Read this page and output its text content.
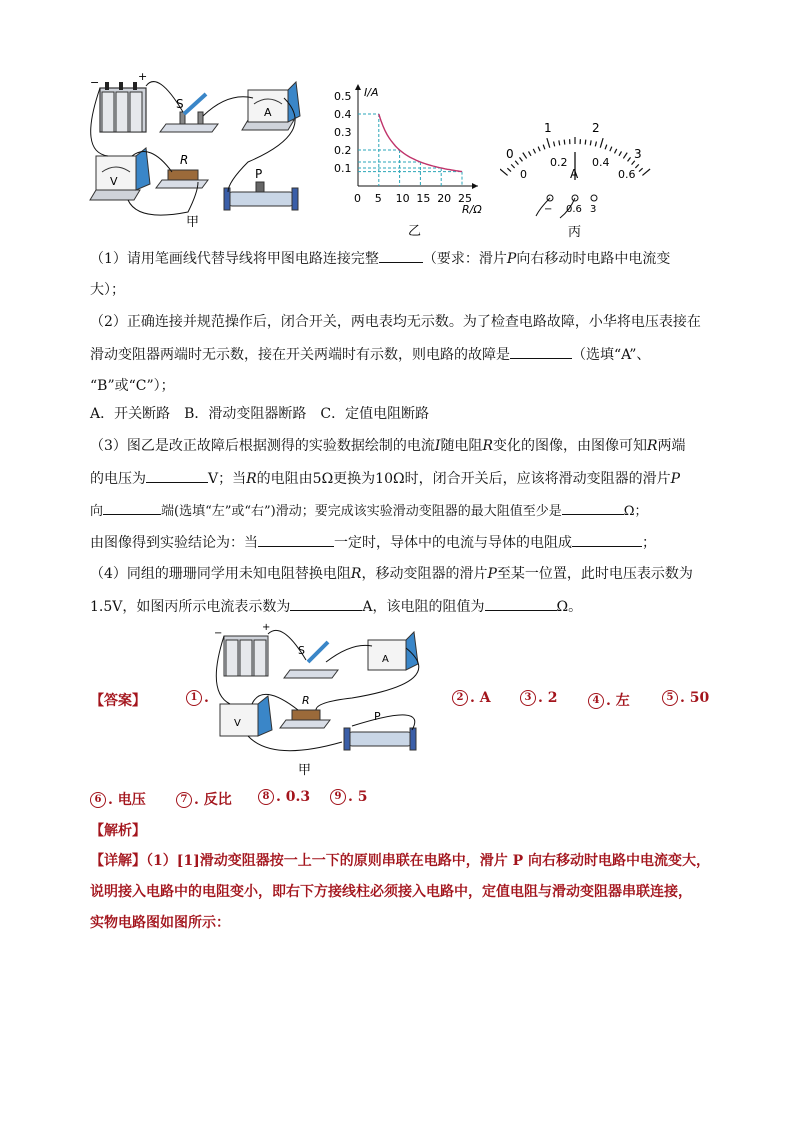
−	+
S
A
V
R
P
甲
I/A
R/Ω
0.5
0.4
0.3
0.2
0.1
0 5 10 15 20 25
乙
0
1	2
3
0
0.2 0.4
0.6
A
− 0.6 3
丙
（1）请用笔画线代替导线将甲图电路连接完整	（要求：滑片P向右移动时电路中电流变
大）；
（2）正确连接并规范操作后，闭合开关，两电表均无示数。为了检查电路故障，小华将电压表接在
滑动变阻器两端时无示数，接在开关两端时有示数，则电路的故障是	（选填“A”、
“B”或“C”）；
A．开关断路　B．滑动变阻器断路　C．定值电阻断路
（3）图乙是改正故障后根据测得的实验数据绘制的电流I随电阻R变化的图像，由图像可知R两端
的电压为	V；当R的电阻由5Ω更换为10Ω时，闭合开关后，应该将滑动变阻器的滑片P
向	端(选填“左”或“右”)滑动；要完成该实验滑动变阻器的最大阻值至少是	Ω；
由图像得到实验结论为：当	一定时，导体中的电流与导体的电阻成	；
（4）同组的珊珊同学用未知电阻替换电阻R，移动变阻器的滑片P至某一位置，此时电压表示数为
1.5V，如图丙所示电流表示数为	A，该电阻的阻值为	Ω。
【答案】	1 .
−
+
S
A
V
R
P
甲
2 . A	3 . 2	4 . 左	5 . 50
6 . 电压	7 . 反比	8 . 0.3	9 . 5
【解析】
【详解】（1）[1]滑动变阻器按一上一下的原则串联在电路中，滑片 P 向右移动时电路中电流变大，
说明接入电路中的电阻变小，即右下方接线柱必须接入电路中，定值电阻与滑动变阻器串联连接，
实物电路图如图所示：
